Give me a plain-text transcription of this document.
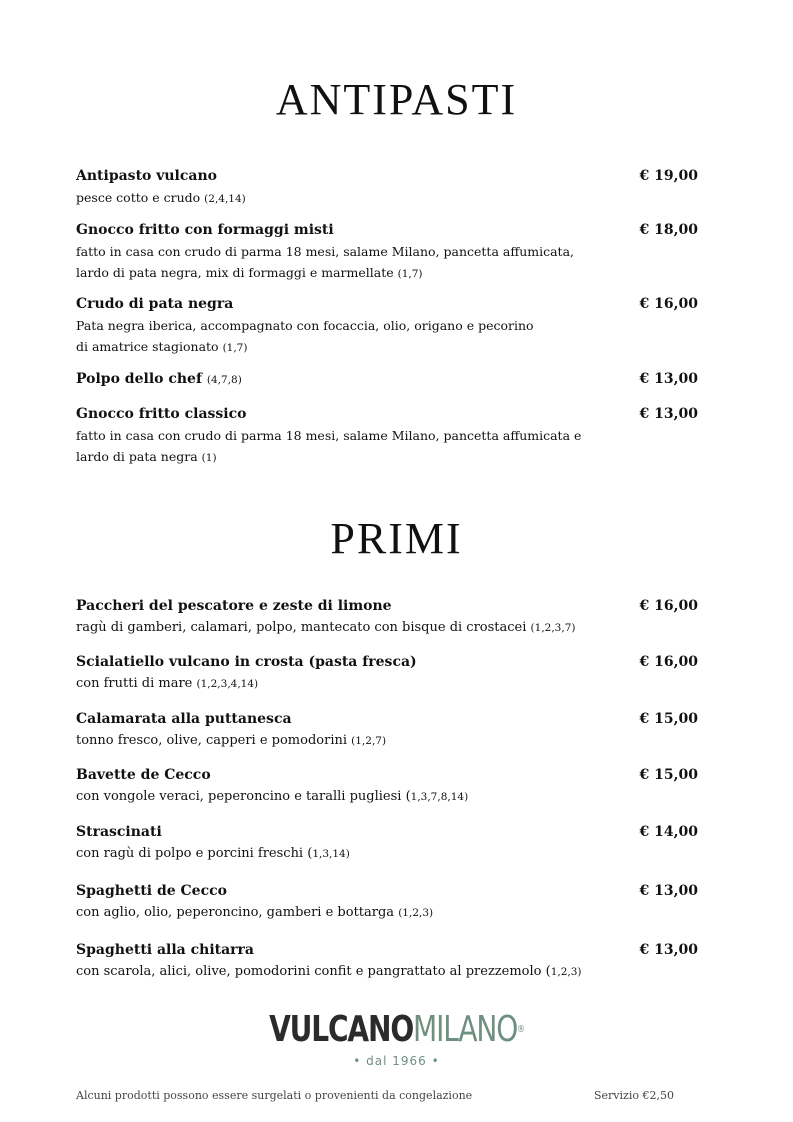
ANTIPASTI
Antipasto vulcano	€ 19,00
pesce cotto e crudo (2,4,14)
Gnocco fritto con formaggi misti	€ 18,00
fatto in casa con crudo di parma 18 mesi, salame Milano, pancetta affumicata,
lardo di pata negra, mix di formaggi e marmellate (1,7)
Crudo di pata negra	€ 16,00
Pata negra iberica, accompagnato con focaccia, olio, origano e pecorino
di amatrice stagionato (1,7)
Polpo dello chef (4,7,8)	€ 13,00
Gnocco fritto classico	€ 13,00
fatto in casa con crudo di parma 18 mesi, salame Milano, pancetta affumicata e
lardo di pata negra (1)
PRIMI
Paccheri del pescatore e zeste di limone	€ 16,00
ragù di gamberi, calamari, polpo, mantecato con bisque di crostacei (1,2,3,7)
Scialatiello vulcano in crosta (pasta fresca)	€ 16,00
con frutti di mare (1,2,3,4,14)
Calamarata alla puttanesca	€ 15,00
tonno fresco, olive, capperi e pomodorini (1,2,7)
Bavette de Cecco	€ 15,00
con vongole veraci, peperoncino e taralli pugliesi (1,3,7,8,14)
Strascinati	€ 14,00
con ragù di polpo e porcini freschi (1,3,14)
Spaghetti de Cecco	€ 13,00
con aglio, olio, peperoncino, gamberi e bottarga (1,2,3)
Spaghetti alla chitarra	€ 13,00
con scarola, alici, olive, pomodorini confit e pangrattato al prezzemolo (1,2,3)
VULCANOMILANO®
• dal 1966 •
Alcuni prodotti possono essere surgelati o provenienti da congelazione	Servizio €2,50
